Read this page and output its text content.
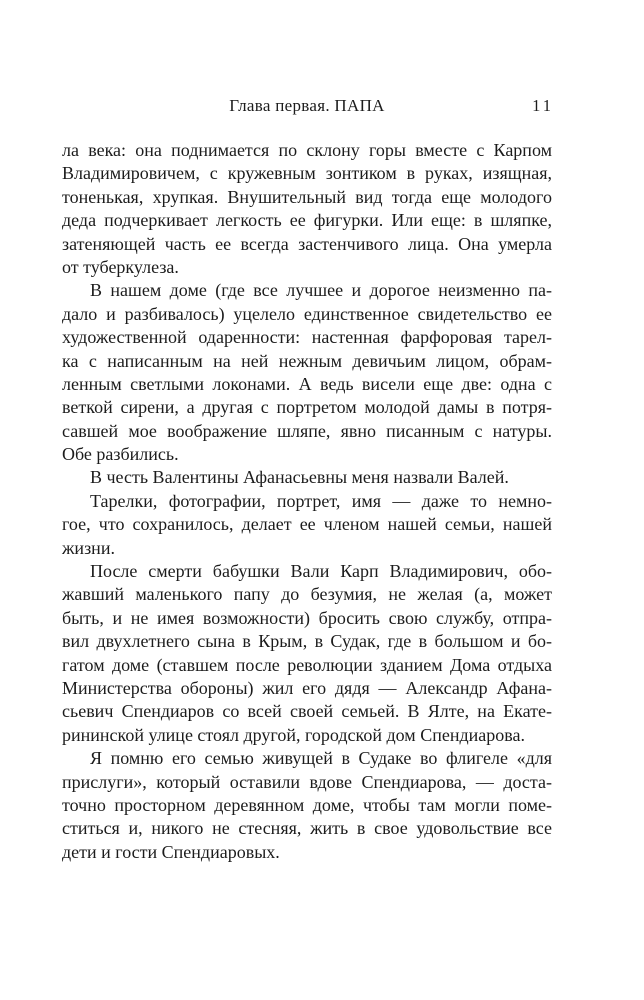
Глава первая. ПАПА	11
ла века: она поднимается по склону горы вместе с Карпом
Владимировичем, с кружевным зонтиком в руках, изящная,
тоненькая, хрупкая. Внушительный вид тогда еще молодого
деда подчеркивает легкость ее фигурки. Или еще: в шляпке,
затеняющей часть ее всегда застенчивого лица. Она умерла
от туберкулеза.
В нашем доме (где все лучшее и дорогое неизменно па-
дало и разбивалось) уцелело единственное свидетельство ее
художественной одаренности: настенная фарфоровая тарел-
ка с написанным на ней нежным девичьим лицом, обрам-
ленным светлыми локонами. А ведь висели еще две: одна с
веткой сирени, а другая с портретом молодой дамы в потря-
савшей мое воображение шляпе, явно писанным с натуры.
Обе разбились.
В честь Валентины Афанасьевны меня назвали Валей.
Тарелки, фотографии, портрет, имя — даже то немно-
гое, что сохранилось, делает ее членом нашей семьи, нашей
жизни.
После смерти бабушки Вали Карп Владимирович, обо-
жавший маленького папу до безумия, не желая (а, может
быть, и не имея возможности) бросить свою службу, отпра-
вил двухлетнего сына в Крым, в Судак, где в большом и бо-
гатом доме (ставшем после революции зданием Дома отдыха
Министерства обороны) жил его дядя — Александр Афана-
сьевич Спендиаров со всей своей семьей. В Ялте, на Екате-
рининской улице стоял другой, городской дом Спендиарова.
Я помню его семью живущей в Судаке во флигеле «для
прислуги», который оставили вдове Спендиарова, — доста-
точно просторном деревянном доме, чтобы там могли поме-
ститься и, никого не стесняя, жить в свое удовольствие все
дети и гости Спендиаровых.
